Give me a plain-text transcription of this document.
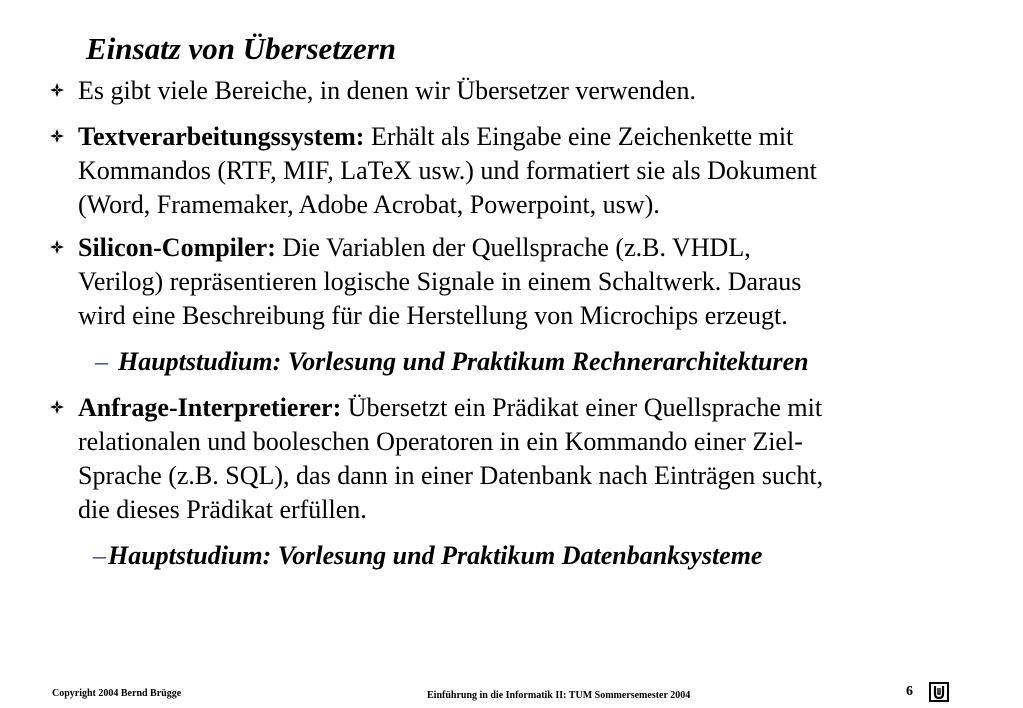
Einsatz von Übersetzern
Es gibt viele Bereiche, in denen wir Übersetzer verwenden.
Textverarbeitungssystem: Erhält als Eingabe eine Zeichenkette mit
Kommandos (RTF, MIF, LaTeX usw.) und formatiert sie als Dokument
(Word, Framemaker, Adobe Acrobat, Powerpoint, usw).
Silicon-Compiler: Die Variablen der Quellsprache (z.B. VHDL,
Verilog) repräsentieren logische Signale in einem Schaltwerk. Daraus
wird eine Beschreibung für die Herstellung von Microchips erzeugt.
– Hauptstudium: Vorlesung und Praktikum Rechnerarchitekturen
Anfrage-Interpretierer: Übersetzt ein Prädikat einer Quellsprache mit
relationalen und booleschen Operatoren in ein Kommando einer Ziel-
Sprache (z.B. SQL), das dann in einer Datenbank nach Einträgen sucht,
die dieses Prädikat erfüllen.
–Hauptstudium: Vorlesung und Praktikum Datenbanksysteme
Copyright 2004 Bernd Brügge	Einführung in die Informatik II: TUM Sommersemester 2004	6
